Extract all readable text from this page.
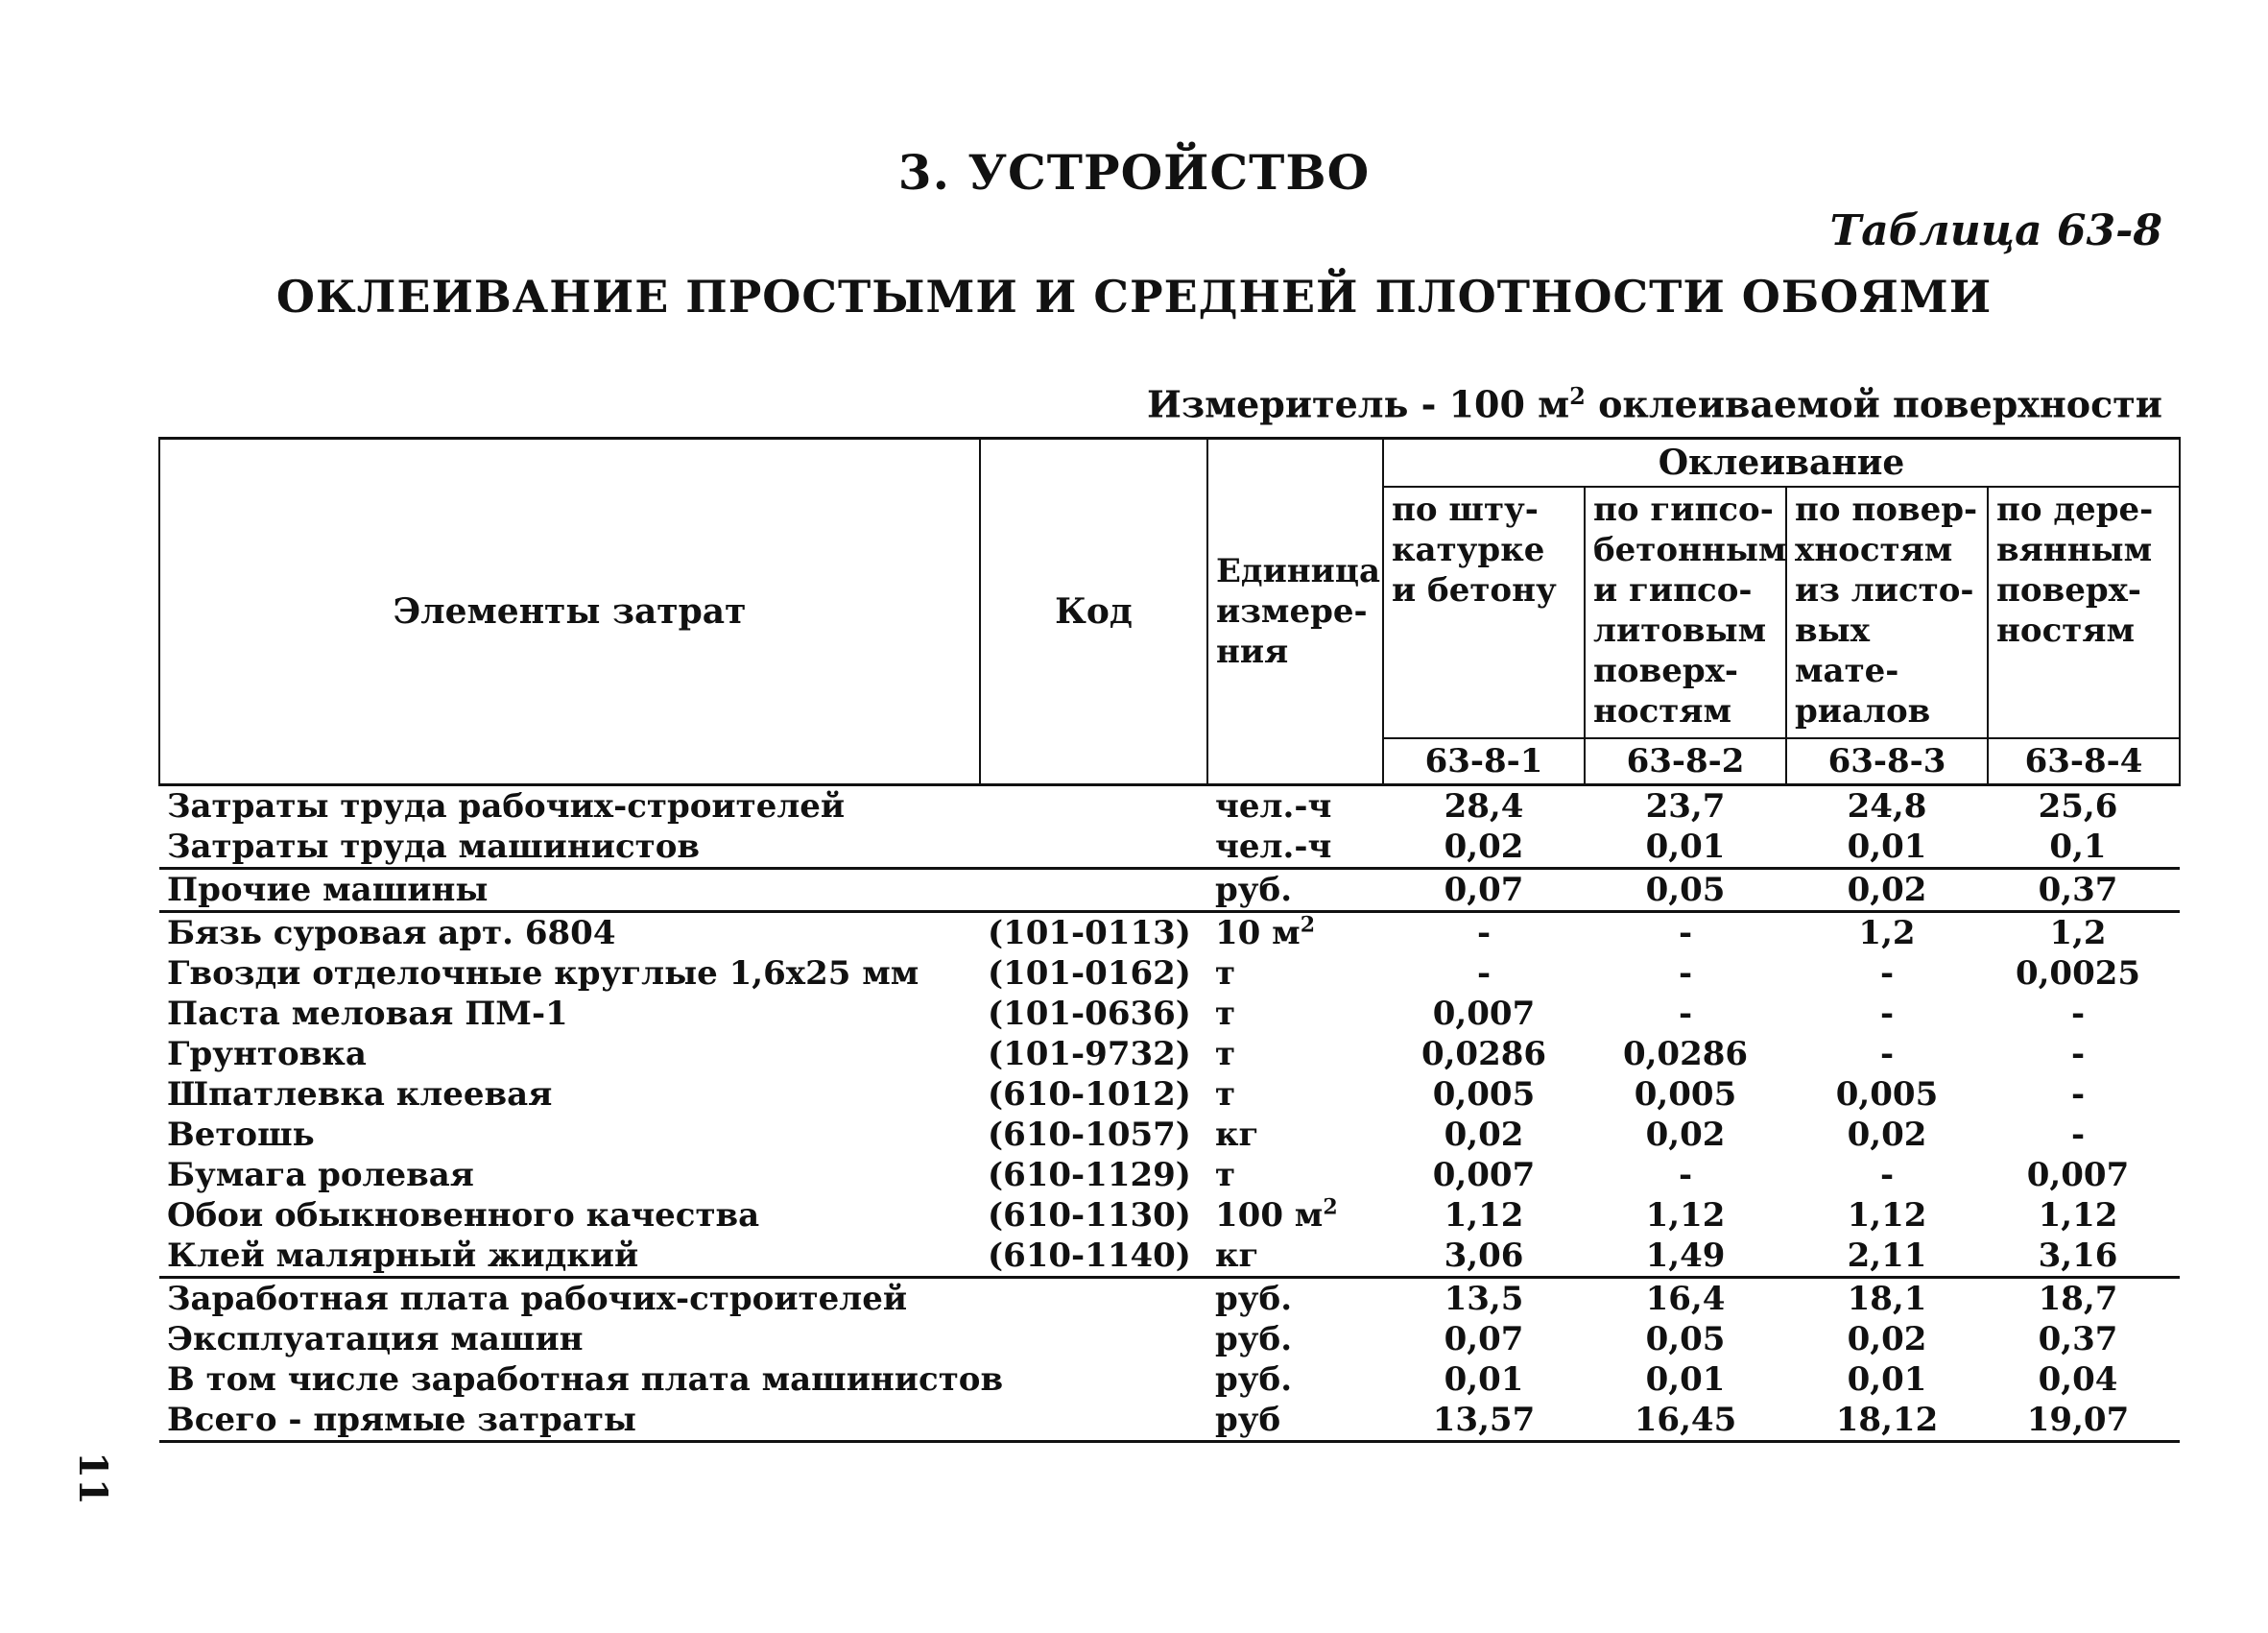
3. УСТРОЙСТВО
Таблица 63-8
ОКЛЕИВАНИЕ ПРОСТЫМИ И СРЕДНЕЙ ПЛОТНОСТИ ОБОЯМИ
Измеритель - 100 $м^2$ оклеиваемой поверхности
Элементы затрат	Код	Единица измере- ния	Оклеивание			
			по шту- катурке и бетону	по гипсо- бетонным и гипсо- литовым поверх- ностям	по повер- хностям из листо- вых мате- риалов	по дере- вянным поверх- ностям
			63-8-1	63-8-2	63-8-3	63-8-4
Затраты труда рабочих-строителей		чел.-ч	28,4	23,7	24,8	25,6
Затраты труда машинистов		чел.-ч	0,02	0,01	0,01	0,1
Прочие машины		руб.	0,07	0,05	0,02	0,37
Бязь суровая арт. 6804	(101-0113)	10 $м^2$	-	-	1,2	1,2
Гвозди отделочные круглые 1,6х25 мм	(101-0162)	т	-	-	-	0,0025
Паста меловая ПМ-1	(101-0636)	т	0,007	-	-	-
Грунтовка	(101-9732)	т	0,0286	0,0286	-	-
Шпатлевка клеевая	(610-1012)	т	0,005	0,005	0,005	-
Ветошь	(610-1057)	кг	0,02	0,02	0,02	-
Бумага ролевая	(610-1129)	т	0,007	-	-	0,007
Обои обыкновенного качества	(610-1130)	100 $м^2$	1,12	1,12	1,12	1,12
Клей малярный жидкий	(610-1140)	кг	3,06	1,49	2,11	3,16
Заработная плата рабочих-строителей		руб.	13,5	16,4	18,1	18,7
Эксплуатация машин		руб.	0,07	0,05	0,02	0,37
В том числе заработная плата машинистов		руб.	0,01	0,01	0,01	0,04
Всего - прямые затраты		руб	13,57	16,45	18,12	19,07
11
